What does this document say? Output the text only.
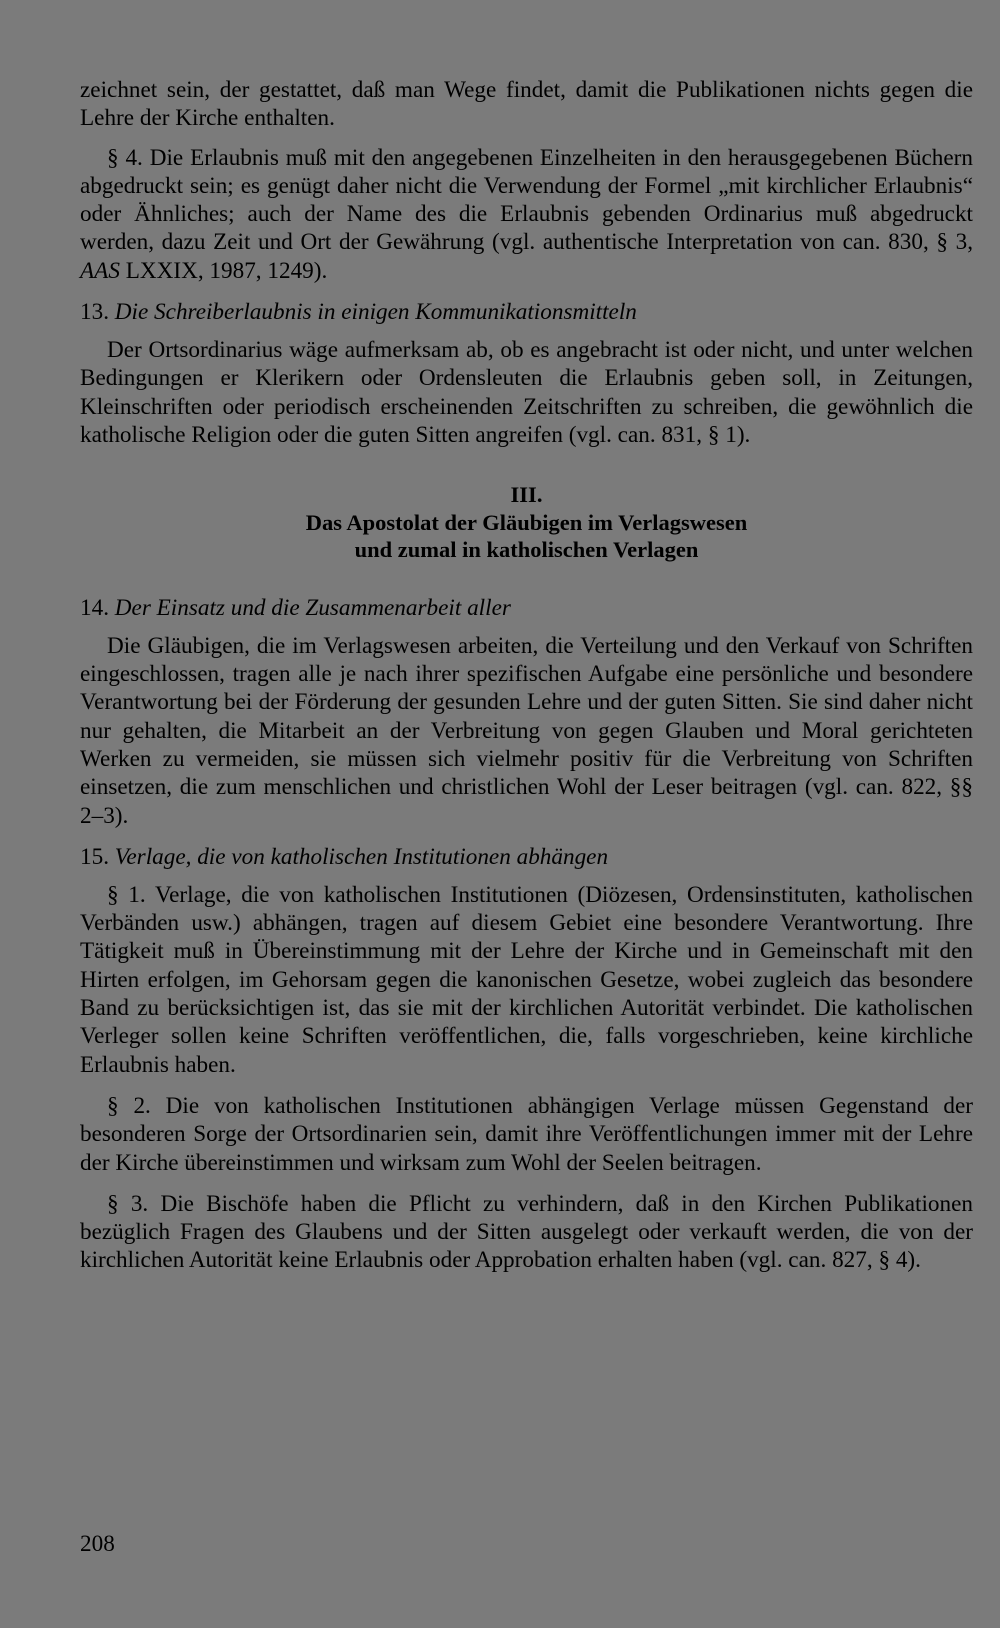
zeichnet sein, der gestattet, daß man Wege findet, damit die Publikationen nichts gegen die Lehre der Kirche enthalten.

§ 4. Die Erlaubnis muß mit den angegebenen Einzelheiten in den herausgegebenen Büchern abgedruckt sein; es genügt daher nicht die Verwendung der Formel „mit kirchlicher Erlaubnis“ oder Ähnliches; auch der Name des die Erlaubnis gebenden Ordinarius muß abgedruckt werden, dazu Zeit und Ort der Gewährung (vgl. authentische Interpretation von can. 830, § 3, AAS LXXIX, 1987, 1249).

13. Die Schreiberlaubnis in einigen Kommunikationsmitteln

Der Ortsordinarius wäge aufmerksam ab, ob es angebracht ist oder nicht, und unter welchen Bedingungen er Klerikern oder Ordensleuten die Erlaubnis geben soll, in Zeitungen, Kleinschriften oder periodisch erscheinenden Zeitschriften zu schreiben, die gewöhnlich die katholische Religion oder die guten Sitten angreifen (vgl. can. 831, § 1).

III.
Das Apostolat der Gläubigen im Verlagswesen
und zumal in katholischen Verlagen
14. Der Einsatz und die Zusammenarbeit aller

Die Gläubigen, die im Verlagswesen arbeiten, die Verteilung und den Verkauf von Schriften eingeschlossen, tragen alle je nach ihrer spezifischen Aufgabe eine persönliche und besondere Verantwortung bei der Förderung der gesunden Lehre und der guten Sitten. Sie sind daher nicht nur gehalten, die Mitarbeit an der Verbreitung von gegen Glauben und Moral gerichteten Werken zu vermeiden, sie müssen sich vielmehr positiv für die Verbreitung von Schriften einsetzen, die zum menschlichen und christlichen Wohl der Leser beitragen (vgl. can. 822, §§ 2–3).

15. Verlage, die von katholischen Institutionen abhängen

§ 1. Verlage, die von katholischen Institutionen (Diözesen, Ordensinstituten, katholischen Verbänden usw.) abhängen, tragen auf diesem Gebiet eine besondere Verantwortung. Ihre Tätigkeit muß in Übereinstimmung mit der Lehre der Kirche und in Gemeinschaft mit den Hirten erfolgen, im Gehorsam gegen die kanonischen Gesetze, wobei zugleich das besondere Band zu berücksichtigen ist, das sie mit der kirchlichen Autorität verbindet. Die katholischen Verleger sollen keine Schriften veröffentlichen, die, falls vorgeschrieben, keine kirchliche Erlaubnis haben.

§ 2. Die von katholischen Institutionen abhängigen Verlage müssen Gegenstand der besonderen Sorge der Ortsordinarien sein, damit ihre Veröffentlichungen immer mit der Lehre der Kirche übereinstimmen und wirksam zum Wohl der Seelen beitragen.

§ 3. Die Bischöfe haben die Pflicht zu verhindern, daß in den Kirchen Publikationen bezüglich Fragen des Glaubens und der Sitten ausgelegt oder verkauft werden, die von der kirchlichen Autorität keine Erlaubnis oder Approbation erhalten haben (vgl. can. 827, § 4).

208
